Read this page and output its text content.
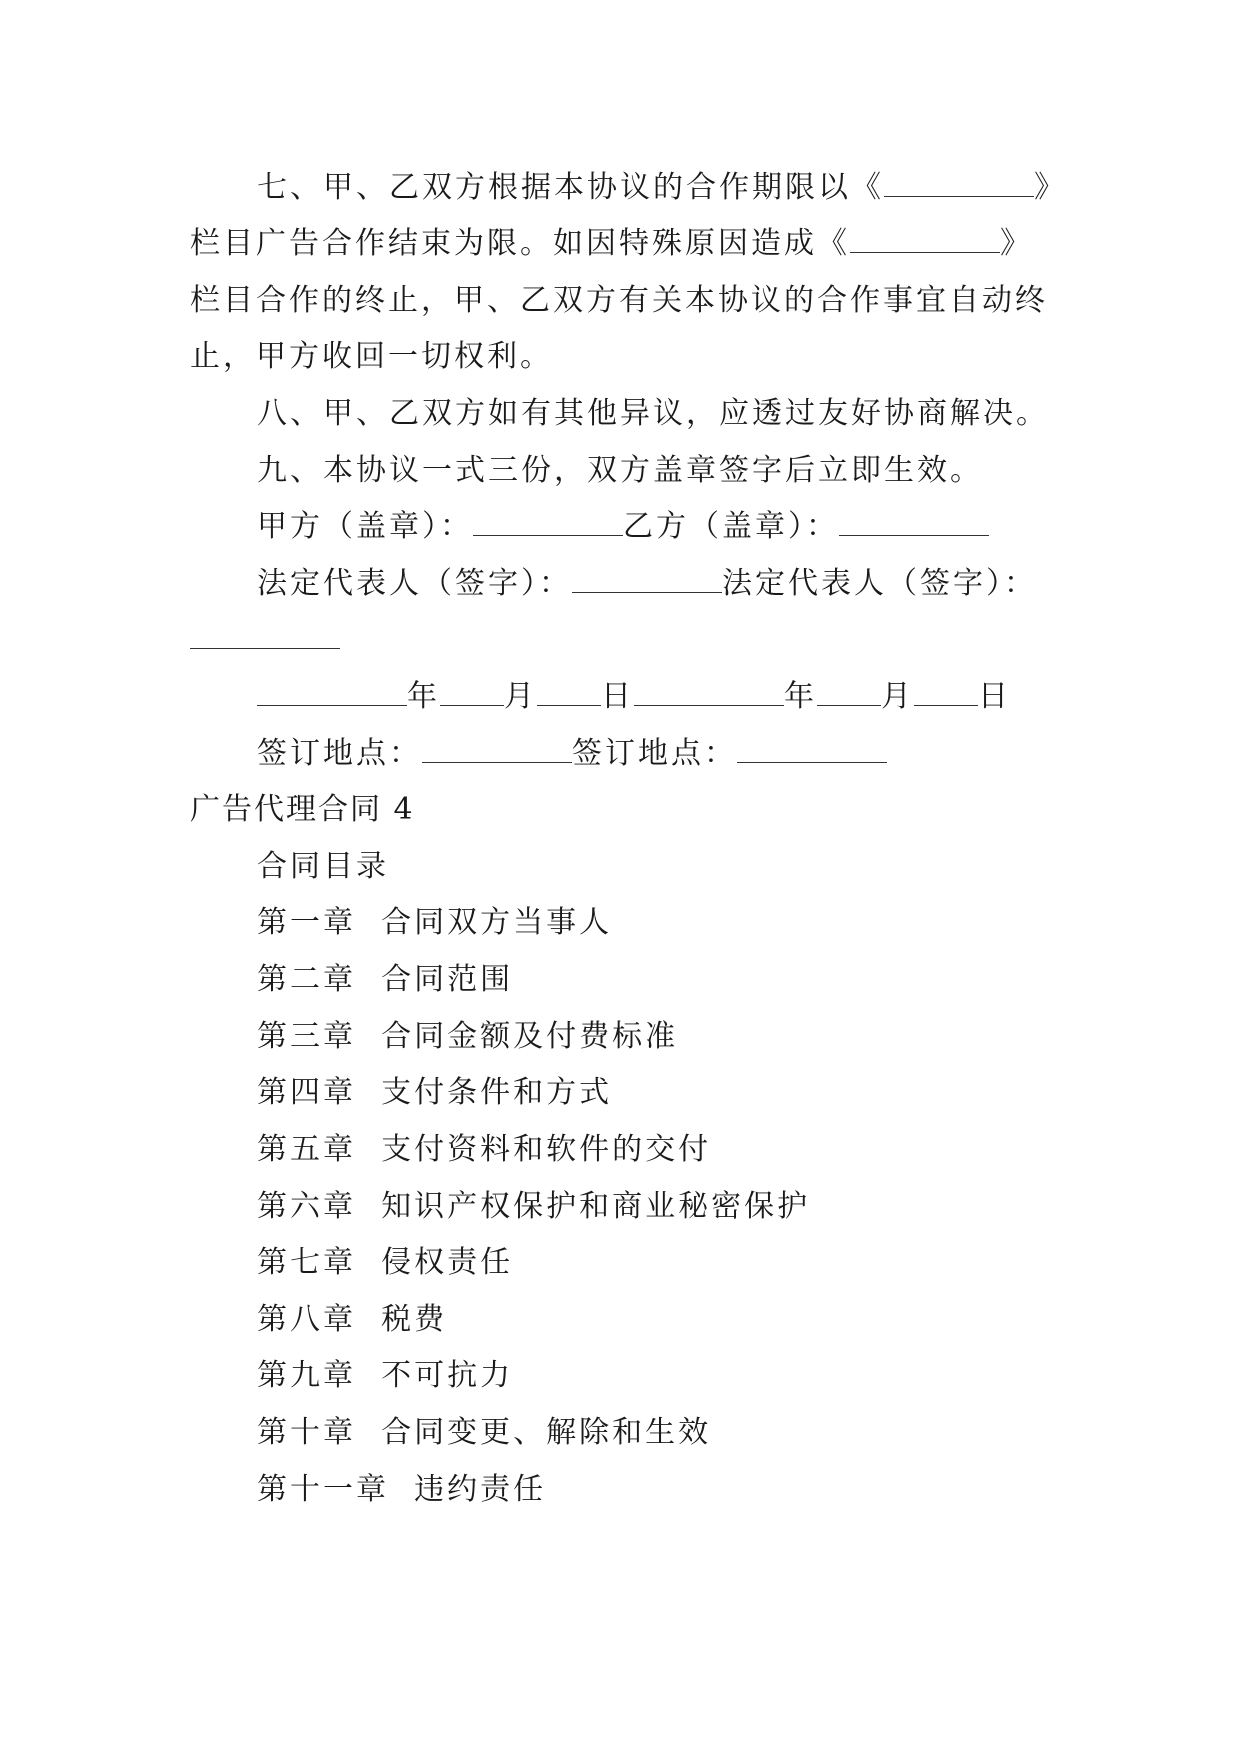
七、甲、乙双方根据本协议的合作期限以《	》
栏目广告合作结束为限。如因特殊原因造成《	》
栏目合作的终止，甲、乙双方有关本协议的合作事宜自动终
止，甲方收回一切权利。
八、甲、乙双方如有其他异议，应透过友好协商解决。
九、本协议一式三份，双方盖章签字后立即生效。
甲方（盖章）：	乙方（盖章）：
法定代表人（签字）：	法定代表人（签字）：
年 月 日	年 月 日
签订地点：	签订地点：
广告代理合同 4
合同目录
第一章  合同双方当事人
第二章  合同范围
第三章  合同金额及付费标准
第四章  支付条件和方式
第五章  支付资料和软件的交付
第六章  知识产权保护和商业秘密保护
第七章  侵权责任
第八章  税费
第九章  不可抗力
第十章  合同变更、解除和生效
第十一章  违约责任
